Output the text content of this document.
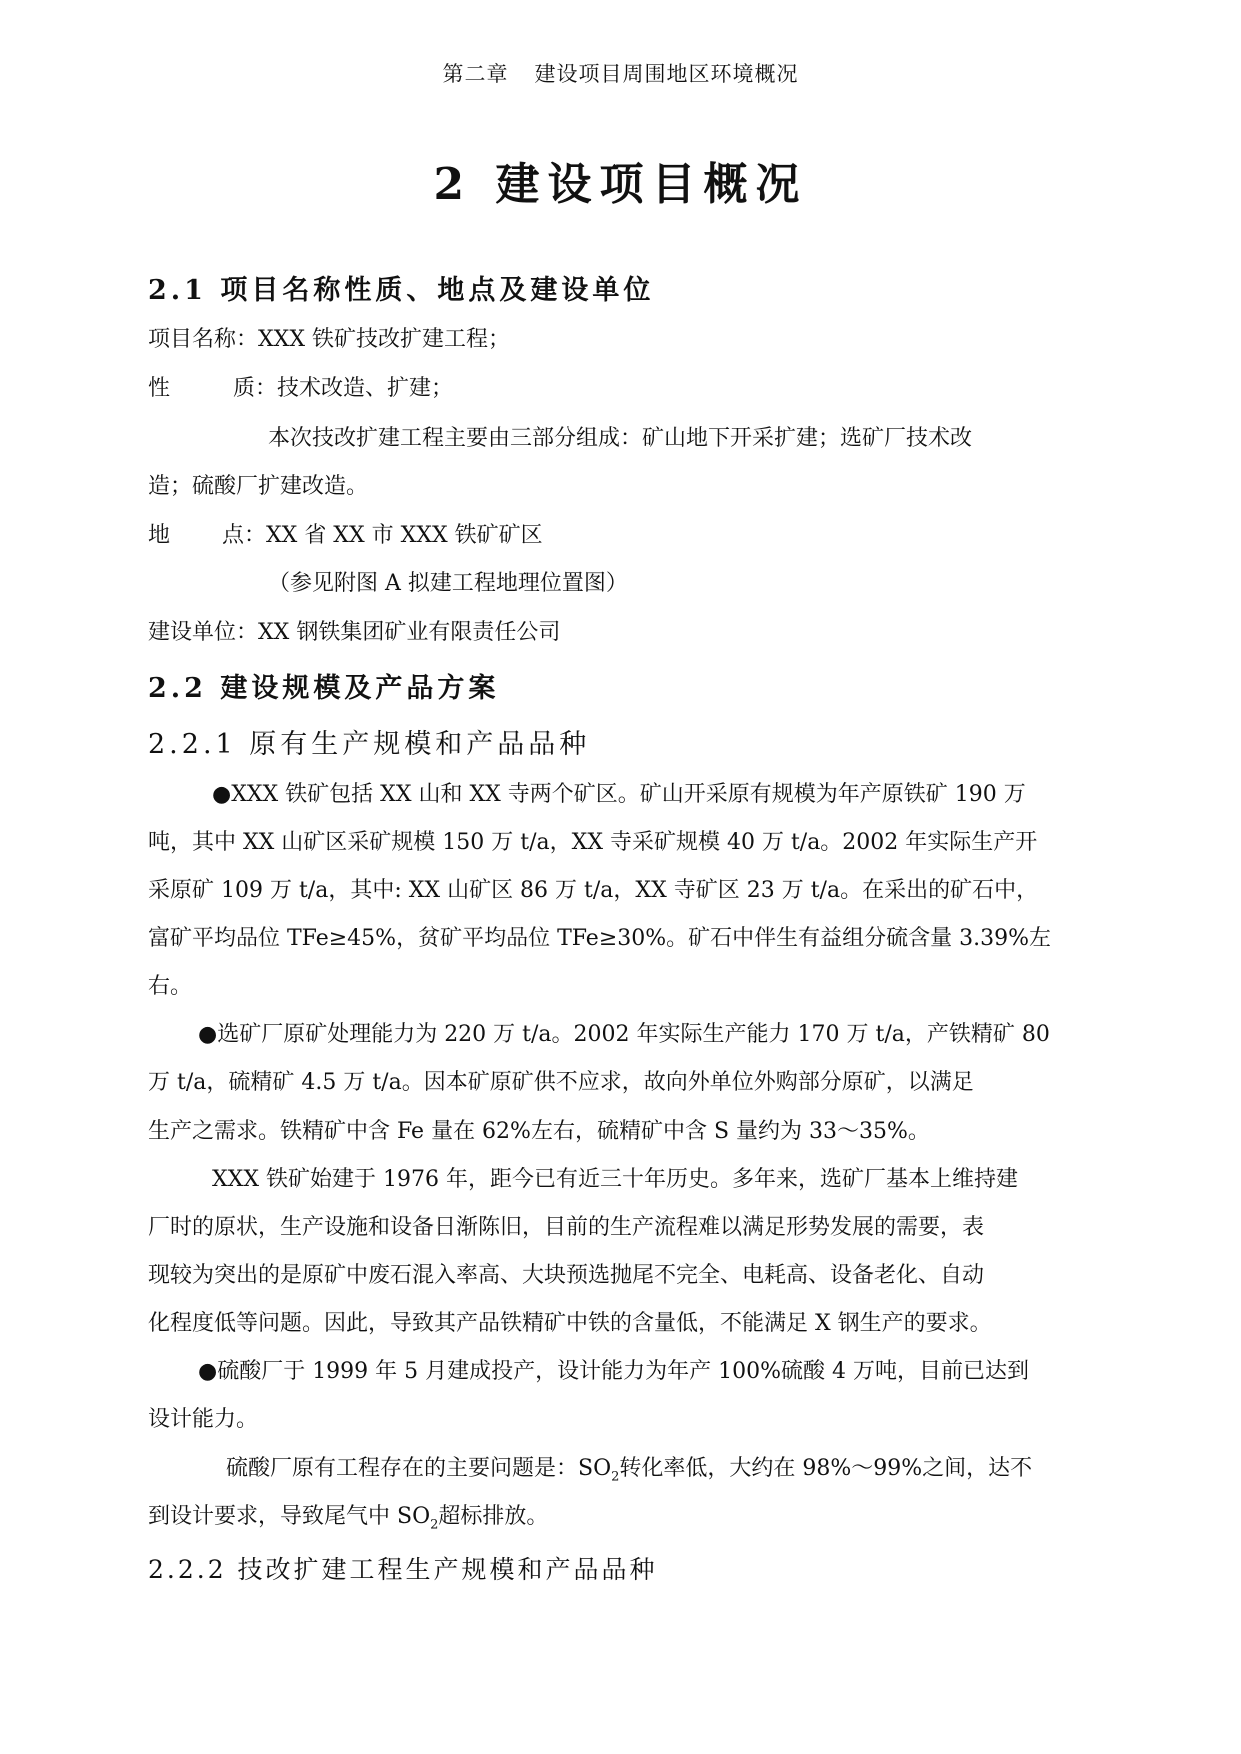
第二章 建设项目周围地区环境概况
2 建设项目概况
2.1 项目名称性质、地点及建设单位
项目名称：XXX 铁矿技改扩建工程；
性	质：技术改造、扩建；
本次技改扩建工程主要由三部分组成：矿山地下开采扩建；选矿厂技术改
造；硫酸厂扩建改造。
地 点：XX 省 XX 市 XXX 铁矿矿区
（参见附图 A 拟建工程地理位置图）
建设单位：XX 钢铁集团矿业有限责任公司
2.2 建设规模及产品方案
2.2.1 原有生产规模和产品品种
●XXX 铁矿包括 XX 山和 XX 寺两个矿区。矿山开采原有规模为年产原铁矿 190 万
吨，其中 XX 山矿区采矿规模 150 万 t/a，XX 寺采矿规模 40 万 t/a。2002 年实际生产开
采原矿 109 万 t/a，其中: XX 山矿区 86 万 t/a，XX 寺矿区 23 万 t/a。在采出的矿石中，
富矿平均品位 TFe≥45%，贫矿平均品位 TFe≥30%。矿石中伴生有益组分硫含量 3.39%左
右。
●选矿厂原矿处理能力为 220 万 t/a。2002 年实际生产能力 170 万 t/a，产铁精矿 80
万 t/a，硫精矿 4.5 万 t/a。因本矿原矿供不应求，故向外单位外购部分原矿，以满足
生产之需求。铁精矿中含 Fe 量在 62%左右，硫精矿中含 S 量约为 33～35%。
XXX 铁矿始建于 1976 年，距今已有近三十年历史。多年来，选矿厂基本上维持建
厂时的原状，生产设施和设备日渐陈旧，目前的生产流程难以满足形势发展的需要，表
现较为突出的是原矿中废石混入率高、大块预选抛尾不完全、电耗高、设备老化、自动
化程度低等问题。因此，导致其产品铁精矿中铁的含量低，不能满足 X 钢生产的要求。
●硫酸厂于 1999 年 5 月建成投产，设计能力为年产 100%硫酸 4 万吨，目前已达到
设计能力。
硫酸厂原有工程存在的主要问题是：$SO_2$转化率低，大约在 98%～99%之间，达不
到设计要求，导致尾气中 $SO_2$超标排放。
2.2.2 技改扩建工程生产规模和产品品种
